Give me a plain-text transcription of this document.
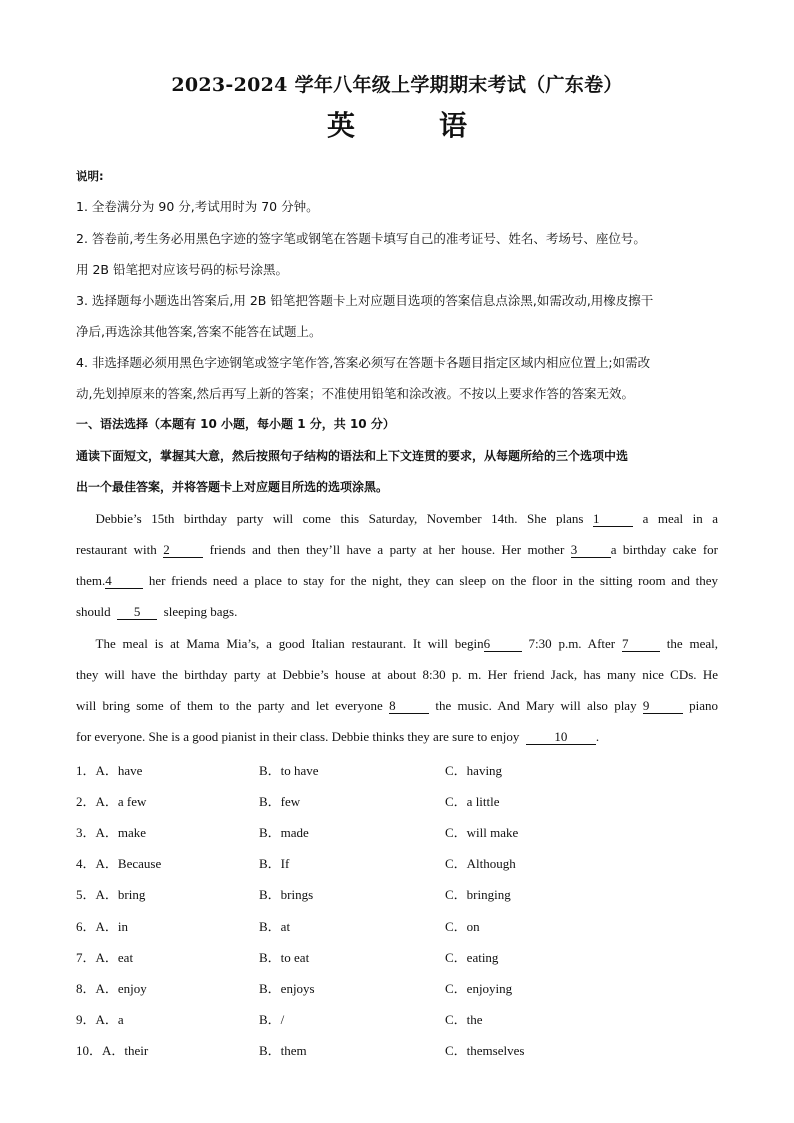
2023-2024 学年八年级上学期期末考试（广东卷）
英　语
说明:
1. 全卷满分为 90 分,考试用时为 70 分钟。
2. 答卷前,考生务必用黑色字迹的签字笔或钢笔在答题卡填写自己的准考证号、姓名、考场号、座位号。
用 2B 铅笔把对应该号码的标号涂黑。
3. 选择题每小题选出答案后,用 2B 铅笔把答题卡上对应题目选项的答案信息点涂黑,如需改动,用橡皮擦干
净后,再选涂其他答案,答案不能答在试题上。
4. 非选择题必须用黑色字迹钢笔或签字笔作答,答案必须写在答题卡各题目指定区域内相应位置上;如需改
动,先划掉原来的答案,然后再写上新的答案；不准使用铅笔和涂改液。不按以上要求作答的答案无效。
一、语法选择（本题有 10 小题，每小题 1 分，共 10 分）
通读下面短文，掌握其大意，然后按照句子结构的语法和上下文连贯的要求，从每题所给的三个选项中选
出一个最佳答案，并将答题卡上对应题目所选的选项涂黑。
  Debbie’s 15th birthday party will come this Saturday, November 14th. She plans 1	a meal in a
restaurant with 2	friends and then they’ll have a party at her house. Her mother 3	a birthday cake for
them.4	her friends need a place to stay for the night, they can sleep on the floor in the sitting room and they
should 5 sleeping bags.
  The meal is at Mama Mia’s, a good Italian restaurant. It will begin6	7:30 p.m. After 7	the meal,
they will have the birthday party at Debbie’s house at about 8:30 p. m. Her friend Jack, has many nice CDs. He
will bring some of them to the party and let everyone 8	the music. And Mary will also play 9	piano
for everyone. She is a good pianist in their class. Debbie thinks they are sure to enjoy	10 .
1．A．have	B．to have	C．having
2．A．a few	B．few	C．a little
3．A．make	B．made	C．will make
4．A．Because	B．If	C．Although
5．A．bring	B．brings	C．bringing
6．A．in	B．at	C．on
7．A．eat	B．to eat	C．eating
8．A．enjoy	B．enjoys	C．enjoying
9．A．a	B．/	C．the
10．A．their	B．them	C．themselves
